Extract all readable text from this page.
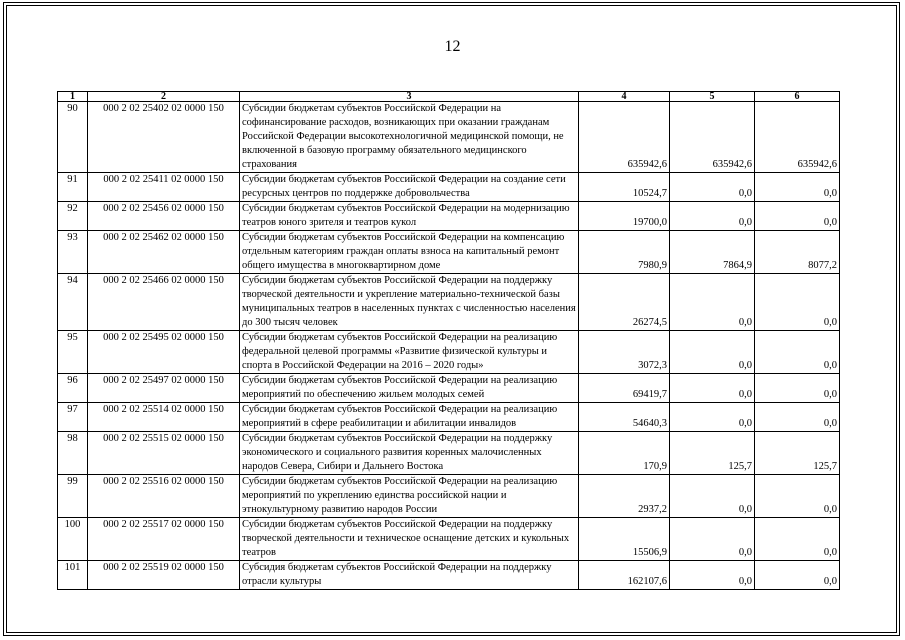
12
1	2	3	4	5	6
90	000 2 02 25402 02 0000 150	Субсидии бюджетам субъектов Российской Федерации на софинансирование расходов, возникающих при оказании гражданам Российской Федерации высокотехнологичной медицинской помощи, не включенной в базовую программу обязательного медицинского страхования	635942,6	635942,6	635942,6
91	000 2 02 25411 02 0000 150	Субсидии бюджетам субъектов Российской Федерации на создание сети ресурсных центров по поддержке добровольчества	10524,7	0,0	0,0
92	000 2 02 25456 02 0000 150	Субсидии бюджетам субъектов Российской Федерации на модернизацию театров юного зрителя и театров кукол	19700,0	0,0	0,0
93	000 2 02 25462 02 0000 150	Субсидии бюджетам субъектов Российской Федерации на компенсацию отдельным категориям граждан оплаты взноса на капитальный ремонт общего имущества в многоквартирном доме	7980,9	7864,9	8077,2
94	000 2 02 25466 02 0000 150	Субсидии бюджетам субъектов Российской Федерации на поддержку творческой деятельности и укрепление материально-технической базы муниципальных театров в населенных пунктах с численностью населения до 300 тысяч человек	26274,5	0,0	0,0
95	000 2 02 25495 02 0000 150	Субсидии бюджетам субъектов Российской Федерации на реализацию федеральной целевой программы «Развитие физической культуры и спорта в Российской Федерации на 2016 – 2020 годы»	3072,3	0,0	0,0
96	000 2 02 25497 02 0000 150	Субсидии бюджетам субъектов Российской Федерации на реализацию мероприятий по обеспечению жильем молодых семей	69419,7	0,0	0,0
97	000 2 02 25514 02 0000 150	Субсидии бюджетам субъектов Российской Федерации на реализацию мероприятий в сфере реабилитации и абилитации инвалидов	54640,3	0,0	0,0
98	000 2 02 25515 02 0000 150	Субсидии бюджетам субъектов Российской Федерации на поддержку экономического и социального развития коренных малочисленных народов Севера, Сибири и Дальнего Востока	170,9	125,7	125,7
99	000 2 02 25516 02 0000 150	Субсидии бюджетам субъектов Российской Федерации на реализацию мероприятий по укреплению единства российской нации и этнокультурному развитию народов России	2937,2	0,0	0,0
100	000 2 02 25517 02 0000 150	Субсидии бюджетам субъектов Российской Федерации на поддержку творческой деятельности и техническое оснащение детских и кукольных театров	15506,9	0,0	0,0
101	000 2 02 25519 02 0000 150	Субсидия бюджетам субъектов Российской Федерации на поддержку отрасли культуры	162107,6	0,0	0,0
